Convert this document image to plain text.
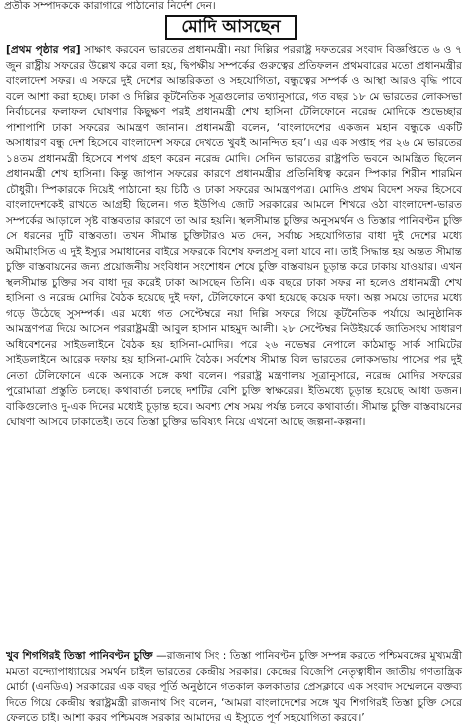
প্রতীক সম্পাদককে কারাগারে পাঠানোর নির্দেশ দেন।
মোদি আসছেন

[প্রথম পৃষ্ঠার পর] সাক্ষাৎ করবেন ভারতের প্রধানমন্ত্রী। নয়া দিল্লির পররাষ্ট্র দফতরের সংবাদ বিজ্ঞপ্তিতে ৬ ও ৭ জুন রাষ্ট্রীয় সফরের উল্লেখ করে বলা হয়, দ্বিপক্ষীয় সম্পর্কের গুরুত্বের প্রতিফলন প্রথমবারের মতো প্রধানমন্ত্রীর বাংলাদেশ সফর। এ সফরে দুই দেশের আন্তরিকতা ও সহযোগিতা, বন্ধুত্বের সম্পর্ক ও আস্থা আরও বৃদ্ধি পাবে বলে আশা করা হচ্ছে। ঢাকা ও দিল্লির কূটনৈতিক সূত্রগুলোর তথ্যানুসারে, গত বছর ১৮ মে ভারতের লোকসভা নির্বাচনের ফলাফল ঘোষণার কিছুক্ষণ পরই প্রধানমন্ত্রী শেখ হাসিনা টেলিফোনে নরেন্দ্র মোদিকে শুভেচ্ছার পাশাপাশি ঢাকা সফরের আমন্ত্রণ জানান। প্রধানমন্ত্রী বলেন, ‘বাংলাদেশের একজন মহান বন্ধুকে একটি অসাধারণ বন্ধু দেশ হিসেবে বাংলাদেশ সফরে দেখতে খুবই আনন্দিত হব’। এর এক সপ্তাহ পর ২৬ মে ভারতের ১৪তম প্রধানমন্ত্রী হিসেবে শপথ গ্রহণ করেন নরেন্দ্র মোদি। সেদিন ভারতের রাষ্ট্রপতি ভবনে আমন্ত্রিত ছিলেন প্রধানমন্ত্রী শেখ হাসিনা। কিন্তু জাপান সফরের কারণে প্রধানমন্ত্রীর প্রতিনিধিত্ব করেন স্পিকার শিরীন শারমিন চৌধুরী। স্পিকারকে দিয়েই পাঠানো হয় চিঠি ও ঢাকা সফরের আমন্ত্রণপত্র। মোদিও প্রথম বিদেশ সফর হিসেবে বাংলাদেশকেই রাখতে আগ্রহী ছিলেন। গত ইউপিএ জোট সরকারের আমলে শিখরে ওঠা বাংলাদেশ-ভারত সম্পর্কের আড়ালে সৃষ্ট বাস্তবতার কারণে তা আর হয়নি। স্থলসীমান্ত চুক্তির অনুসমর্থন ও তিস্তার পানিবণ্টন চুক্তি সে ধরনের দুটি বাস্তবতা। তখন সীমান্ত চুক্তিটারও মত দেন, সর্বাচ্চ সহযোগিতার বাধা দুই দেশের মধ্যে অমীমাংসিত এ দুই ইস্যুর সমাধানের বাইরে সফরকে বিশেষ ফলপ্রসূ বলা যাবে না। তাই সিদ্ধান্ত হয় অন্তত সীমান্ত চুক্তি বাস্তবায়নের জন্য প্রয়োজনীয় সংবিধান সংশোধন শেষে চুক্তি বাস্তবায়ন চূড়ান্ত করে ঢাকায় যাওয়ার। এখন স্থলসীমান্ত চুক্তির সব বাধা দূর করেই ঢাকা আসছেন তিনি। এক বছরে ঢাকা সফর না হলেও প্রধানমন্ত্রী শেখ হাসিনা ও নরেন্দ্র মোদির বৈঠক হয়েছে দুই দফা, টেলিফোনে কথা হয়েছে কয়েক দফা। অল্প সময়ে তাদের মধ্যে গড়ে উঠেছে সুসম্পর্ক। এর মধ্যে গত সেপ্টেম্বরে নয়া দিল্লি সফরে গিয়ে কূটনৈতিক পর্যায়ে আনুষ্ঠানিক আমন্ত্রণপত্র দিয়ে আসেন পররাষ্ট্রমন্ত্রী আবুল হাসান মাহমুদ আলী। ২৮ সেপ্টেম্বর নিউইয়র্কে জাতিসংঘ সাধারণ অধিবেশনের সাইডলাইনে বৈঠক হয় হাসিনা-মোদির। পরে ২৬ নভেম্বর নেপালে কাঠমান্ডু সার্ক সামিটের সাইডলাইনে আরেক দফায় হয় হাসিনা-মোদি বৈঠক। সর্বশেষ সীমান্ত বিল ভারতের লোকসভায় পাসের পর দুই নেতা টেলিফোনে একে অন্যকে সঙ্গে কথা বলেন। পররাষ্ট্র মন্ত্রণালয় সূত্রানুসারে, নরেন্দ্র মোদির সফরের পুরোমাত্রা প্রস্তুতি চলছে। কথাবার্তা চলছে দশটির বেশি চুক্তি স্বাক্ষরের। ইতিমধ্যে চূড়ান্ত হয়েছে আধা ডজন। বাকিগুলোও দু-এক দিনের মধ্যেই চূড়ান্ত হবে। অবশ্য শেষ সময় পর্যন্ত চলবে কথাবার্তা। সীমান্ত চুক্তি বাস্তবায়নের ঘোষণা আসবে ঢাকাতেই। তবে তিস্তা চুক্তির ভবিষ্যৎ নিয়ে এখনো আছে জল্পনা-কল্পনা।

খুব শিগগিরই তিস্তা পানিবণ্টন চুক্তি —রাজনাথ সিং : তিস্তা পানিবণ্টন চুক্তি সম্পন্ন করতে পশ্চিমবঙ্গের মুখ্যমন্ত্রী মমতা বন্দ্যোপাধ্যায়ের সমর্থন চাইল ভারতের কেন্দ্রীয় সরকার। কেন্দ্রের বিজেপি নেতৃত্বাধীন জাতীয় গণতান্ত্রিক মোর্চা (এনডিএ) সরকারের এক বছর পূর্তি অনুষ্ঠানে গতকাল কলকাতার প্রেসক্লাবে এক সংবাদ সম্মেলনে বক্তব্য দিতে গিয়ে কেন্দ্রীয় স্বরাষ্ট্রমন্ত্রী রাজনাথ সিং বলেন, ‘আমরা বাংলাদেশের সঙ্গে খুব শিগগিরই তিস্তা চুক্তি সেরে ফেলতে চাই। আশা করব পশ্চিমবঙ্গ সরকার আমাদের এ ইস্যুতে পূর্ণ সহযোগিতা করবে।’
